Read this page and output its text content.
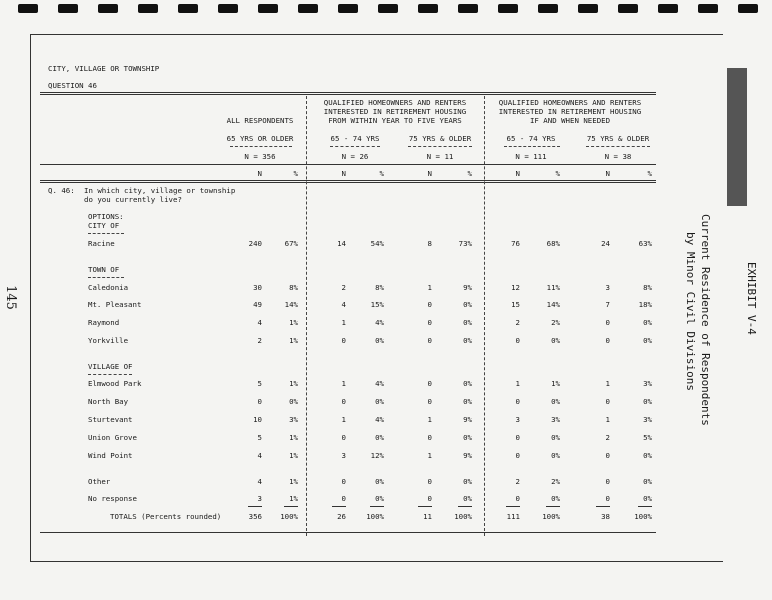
145	EXHIBIT V-4
Current Residence of Respondents
by Minor Civil Divisions
CITY, VILLAGE OR TOWNSHIP
QUESTION 46
QUALIFIED HOMEOWNERS AND RENTERS
INTERESTED IN RETIREMENT HOUSING
FROM WITHIN YEAR TO FIVE YEARS
QUALIFIED HOMEOWNERS AND RENTERS
INTERESTED IN RETIREMENT HOUSING
IF AND WHEN NEEDED
ALL RESPONDENTS
65 YRS OR OLDER	65 - 74 YRS	75 YRS & OLDER	65 - 74 YRS	75 YRS & OLDER
N = 356	N = 26	N = 11	N = 111	N = 38
N	%	N	%	N	%	N	%	N	%
Q. 46: In which city, village or township
do you currently live?
OPTIONS:
CITY OF
TOWN OF
VILLAGE OF
Racine	240	67%	14	54%	8	73%	76	68%	24	63%
Caledonia	30	8%	2	8%	1	9%	12	11%	3	8%
Mt. Pleasant	49	14%	4	15%	0	0%	15	14%	7	18%
Raymond	4	1%	1	4%	0	0%	2	2%	0	0%
Yorkville	2	1%	0	0%	0	0%	0	0%	0	0%
Elmwood Park	5	1%	1	4%	0	0%	1	1%	1	3%
North Bay	0	0%	0	0%	0	0%	0	0%	0	0%
Sturtevant	10	3%	1	4%	1	9%	3	3%	1	3%
Union Grove	5	1%	0	0%	0	0%	0	0%	2	5%
Wind Point	4	1%	3	12%	1	9%	0	0%	0	0%
Other	4	1%	0	0%	0	0%	2	2%	0	0%
No response	3	1%	0	0%	0	0%	0	0%	0	0%
TOTALS (Percents rounded)	356	100%	26	100%	11	100%	111	100%	38	100%
